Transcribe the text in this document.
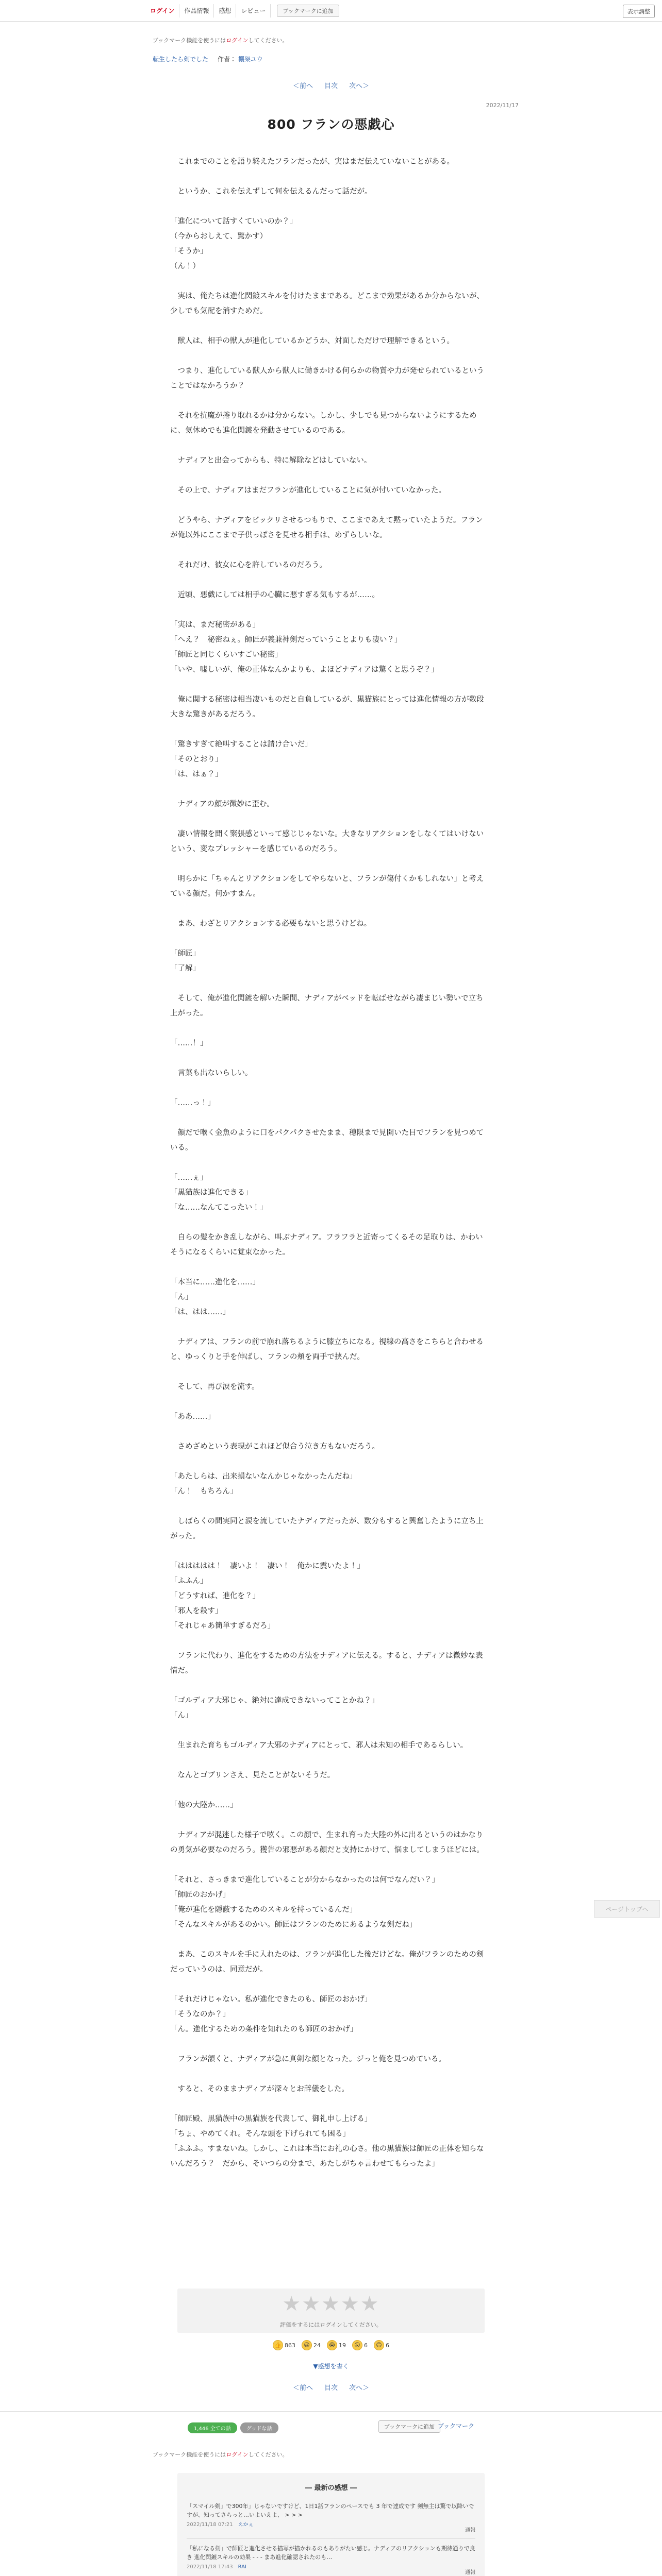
ログイン	作品情報	感想	レビュー	ブックマークに追加	表示調整
ブックマーク機能を使うにはログインしてください。
転生したら剣でした 作者： 棚架ユウ
＜前へ 目次 次へ＞
2022/11/17
800 フランの悪戯心

　これまでのことを語り終えたフランだったが、実はまだ伝えていないことがある。

　というか、これを伝えずして何を伝えるんだって話だが。

「進化について話すくていいのか？」

（今からおしえて、驚かす）

「そうか」

（ん！）

　実は、俺たちは進化閃鍍スキルを付けたままである。どこまで効果があるか分からないが、少しでも気配を消すためだ。

　獣人は、相手の獣人が進化しているかどうか、対面しただけで理解できるという。

　つまり、進化している獣人から獣人に働きかける何らかの物質や力が発せられているということではなかろうか？

　それを抗魔が捲り取れるかは分からない。しかし、少しでも見つからないようにするために、気休めでも進化閃鍍を発動させているのである。

　ナディアと出会ってからも、特に解除などはしていない。

　その上で、ナディアはまだフランが進化していることに気が付いていなかった。

　どうやら、ナディアをビックリさせるつもりで、ここまであえて黙っていたようだ。フランが俺以外にここまで子供っぽさを見せる相手は、めずらしいな。

　それだけ、彼女に心を許しているのだろう。

　近頃、悪戯にしては相手の心臓に悪すぎる気もするが……。

「実は、まだ秘密がある」

「へえ？　秘密ねぇ。師匠が義兼神剣だっていうことよりも凄い？」

「師匠と同じくらいすごい秘密」

「いや、嘘しいが、俺の正体なんかよりも、よほどナディアは驚くと思うぞ？」

　俺に関する秘密は相当凄いものだと自負しているが、黒猫族にとっては進化情報の方が数段大きな驚きがあるだろう。

「驚きすぎて絶叫することは請け合いだ」

「そのとおり」

「は、はぁ？」

　ナディアの顔が微妙に歪む。

　凄い情報を聞く緊張感といって感じじゃないな。大きなリアクションをしなくてはいけないという、変なプレッシャーを感じているのだろう。

　明らかに「ちゃんとリアクションをしてやらないと、フランが傷付くかもしれない」と考えている顔だ。何かすまん。

　まあ、わざとリアクションする必要もないと思うけどね。

「師匠」

「了解」

　そして、俺が進化閃鍍を解いた瞬間、ナディアがベッドを転ばせながら凄まじい勢いで立ち上がった。

「……！」

　言葉も出ないらしい。

「……っ！」

　顔だで喉く金魚のように口をパクパクさせたまま、穂限まで見開いた目でフランを見つめている。

「……ぇ」

「黒猫族は進化できる」

「な……なんてこったい！」

　自らの髪をかき乱しながら、叫ぶナディア。フラフラと近寄ってくるその足取りは、かわいそうになるくらいに覚束なかった。

「本当に……進化を……」

「ん」

「は、はは……」

　ナディアは、フランの前で崩れ落ちるように膝立ちになる。視線の高さをこちらと合わせると、ゆっくりと手を伸ばし、フランの頬を両手で挟んだ。

　そして、再び涙を流す。

「ああ……」

　さめざめという表現がこれほど似合う泣き方もないだろう。

「あたしらは、出来損ないなんかじゃなかったんだね」

「ん！　もちろん」

　しばらくの間実同と涙を流していたナディアだったが、数分もすると興奮したように立ち上がった。

「ははははは！　凄いよ！　凄い！　俺かに震いたよ！」

「ふふん」

「どうすれば、進化を？」

「邪人を殺す」

「それじゃあ簡単すぎるだろ」

　フランに代わり、進化をするための方法をナディアに伝える。すると、ナディアは微妙な表情だ。

「ゴルディア大邪じゃ、絶対に達成できないってことかね？」

「ん」

　生まれた育ちもゴルディア大邪のナディアにとって、邪人は未知の相手であるらしい。

　なんとゴブリンさえ、見たことがないそうだ。

「他の大陸か……」

　ナディアが混迷した様子で呟く。この顔で、生まれ育った大陸の外に出るというのはかなりの勇気が必要なのだろう。獲告の邪悪がある顔だと支持にかけて、悩ましてしまうほどには。

「それと、さっきまで進化していることが分からなかったのは何でなんだい？」

「師匠のおかげ」

「俺が進化を隠蔽するためのスキルを持っているんだ」

「そんなスキルがあるのかい。師匠はフランのためにあるような剣だね」

　まあ、このスキルを手に入れたのは、フランが進化した後だけどな。俺がフランのための剣だっていうのは、同意だが。

「それだけじゃない。私が進化できたのも、師匠のおかげ」

「そうなのか？」

「ん。進化するための条件を知れたのも師匠のおかげ」

　フランが頷くと、ナディアが急に真剣な顔となった。ジっと俺を見つめている。

　すると、そのままナディアが深々とお辞儀をした。

「師匠殿、黒猫族中の黒猫族を代表して、御礼申し上げる」

「ちょ、やめてくれ。そんな頭を下げられても困る」

「ふふふ。すまないね。しかし、これは本当にお礼の心さ。他の黒猫族は師匠の正体を知らないんだろう？　だから、そいつらの分まで、あたしがちゃ言わせてもらったよ」

ページトップへ
★★★★★
評価をするにはログインしてください。
👍 863	😀 24	😭 19	😮 6	😊 6
▼感想を書く
＜前へ 目次 次へ＞
1,446 全ての話	グッドな話	ブックマークに追加 ブックマーク
ブックマーク機能を使うにはログインしてください。
― 最新の感想 ―
「スマイル剣」で300年」じゃないですけど、1日1話フランのペースでも 3 年で達成です 剣無主は驚で以降いですが、知ってさらっと…いよいえよ、 > > >
2022/11/18 07:21　 えかぇ
通報
「私になる剣」で師匠と進化させる描写が描かれるのもありがたい感じ。ナディアのリアクションも期待通りで良き 進化閃鍍スキルの効果 - - - まあ進化確認されたのも…
2022/11/18 17:43　 RAI
通報
